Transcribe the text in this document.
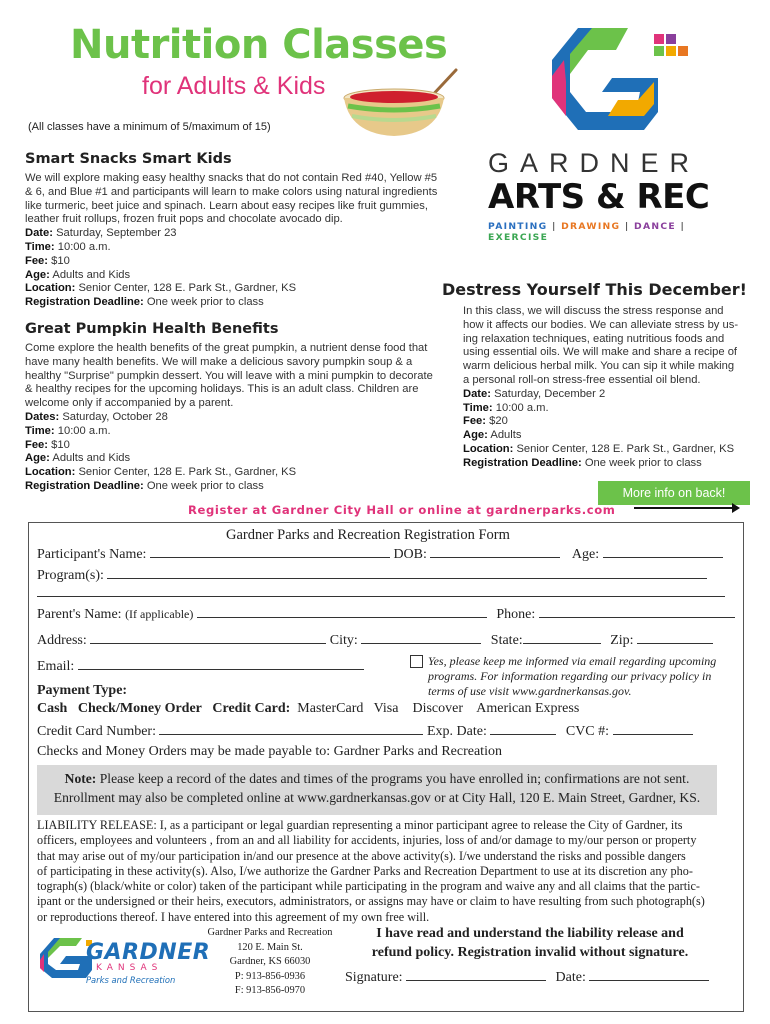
Nutrition Classes
for Adults & Kids
(All classes have a minimum of 5/maximum of 15)
GARDNER
ARTS & REC
PAINTING | DRAWING | DANCE | EXERCISE
Smart Snacks Smart Kids
We will explore making easy healthy snacks that do not contain Red #40, Yellow #5
& 6, and Blue #1 and participants will learn to make colors using natural ingredients
like turmeric, beet juice and spinach. Learn about easy recipes like fruit gummies,
leather fruit rollups, frozen fruit pops and chocolate avocado dip.
Date: Saturday, September 23
Time: 10:00 a.m.
Fee: $10
Age: Adults and Kids
Location: Senior Center, 128 E. Park St., Gardner, KS
Registration Deadline: One week prior to class
Great Pumpkin Health Benefits
Come explore the health benefits of the great pumpkin, a nutrient dense food that
have many health benefits. We will make a delicious savory pumpkin soup & a
healthy "Surprise" pumpkin dessert. You will leave with a mini pumpkin to decorate
& healthy recipes for the upcoming holidays. This is an adult class. Children are
welcome only if accompanied by a parent.
Dates: Saturday, October 28
Time: 10:00 a.m.
Fee: $10
Age: Adults and Kids
Location: Senior Center, 128 E. Park St., Gardner, KS
Registration Deadline: One week prior to class
Destress Yourself This December!
In this class, we will discuss the stress response and
how it affects our bodies. We can alleviate stress by us-
ing relaxation techniques, eating nutritious foods and
using essential oils. We will make and share a recipe of
warm delicious herbal milk. You can sip it while making
a personal roll-on stress-free essential oil blend.
Date: Saturday, December 2
Time: 10:00 a.m.
Fee: $20
Age: Adults
Location: Senior Center, 128 E. Park St., Gardner, KS
Registration Deadline: One week prior to class
More info on back!
Register at Gardner City Hall or online at gardnerparks.com
Gardner Parks and Recreation Registration Form
Participant's Name:	DOB:	Age:
Program(s):
Parent's Name: (If applicable)	Phone:
Address:	City:	State:	Zip:
Email:	Yes, please keep me informed via email regarding upcoming
programs. For information regarding our privacy policy in
terms of use visit www.gardnerkansas.gov.
Payment Type:
Cash Check/Money Order Credit Card: MasterCard Visa Discover American Express
Credit Card Number:	Exp. Date:	CVC #:
Checks and Money Orders may be made payable to: Gardner Parks and Recreation
Note: Please keep a record of the dates and times of the programs you have enrolled in; confirmations are not sent.
Enrollment may also be completed online at www.gardnerkansas.gov or at City Hall, 120 E. Main Street, Gardner, KS.
LIABILITY RELEASE: I, as a participant or legal guardian representing a minor participant agree to release the City of Gardner, its
officers, employees and volunteers , from an and all liability for accidents, injuries, loss of and/or damage to my/our person or property
that may arise out of my/our participation in/and our presence at the above activity(s). I/we understand the risks and possible dangers
of participating in these activity(s). Also, I/we authorize the Gardner Parks and Recreation Department to use at its discretion any pho-
tograph(s) (black/white or color) taken of the participant while participating in the program and waive any and all claims that the partic-
ipant or the undersigned or their heirs, executors, administrators, or assigns may have or claim to have resulting from such photograph(s)
or reproductions thereof. I have entered into this agreement of my own free will.
GARDNER
KANSAS
Parks and Recreation
Gardner Parks and Recreation
120 E. Main St.
Gardner, KS 66030
P: 913-856-0936
F: 913-856-0970
I have read and understand the liability release and
refund policy. Registration invalid without signature.
Signature:	Date:
